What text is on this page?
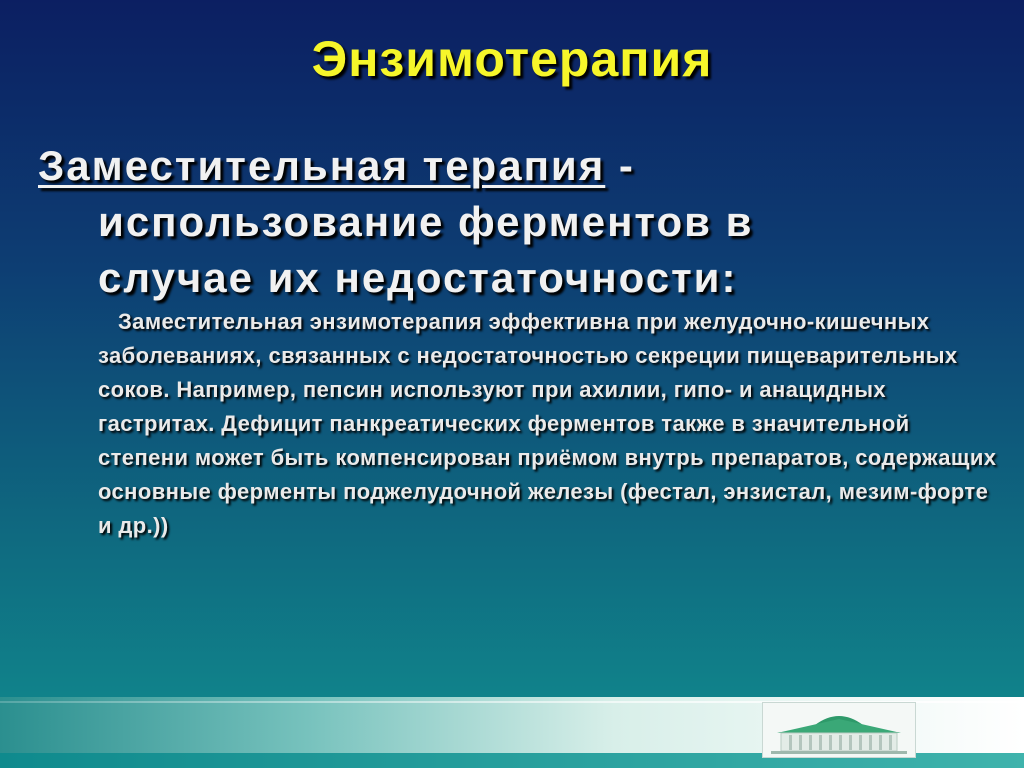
Энзимотерапия
Заместительная терапия -
использование ферментов в
случае их недостаточности:

Заместительная энзимотерапия эффективна при желудочно-кишечных заболеваниях, связанных с недостаточностью секреции пищеварительных соков. Например, пепсин используют при ахилии, гипо- и анацидных гастритах. Дефицит панкреатических ферментов также в значительной степени может быть компенсирован приёмом внутрь препаратов, содержащих основные ферменты поджелудочной железы (фестал, энзистал, мезим-форте и др.))
